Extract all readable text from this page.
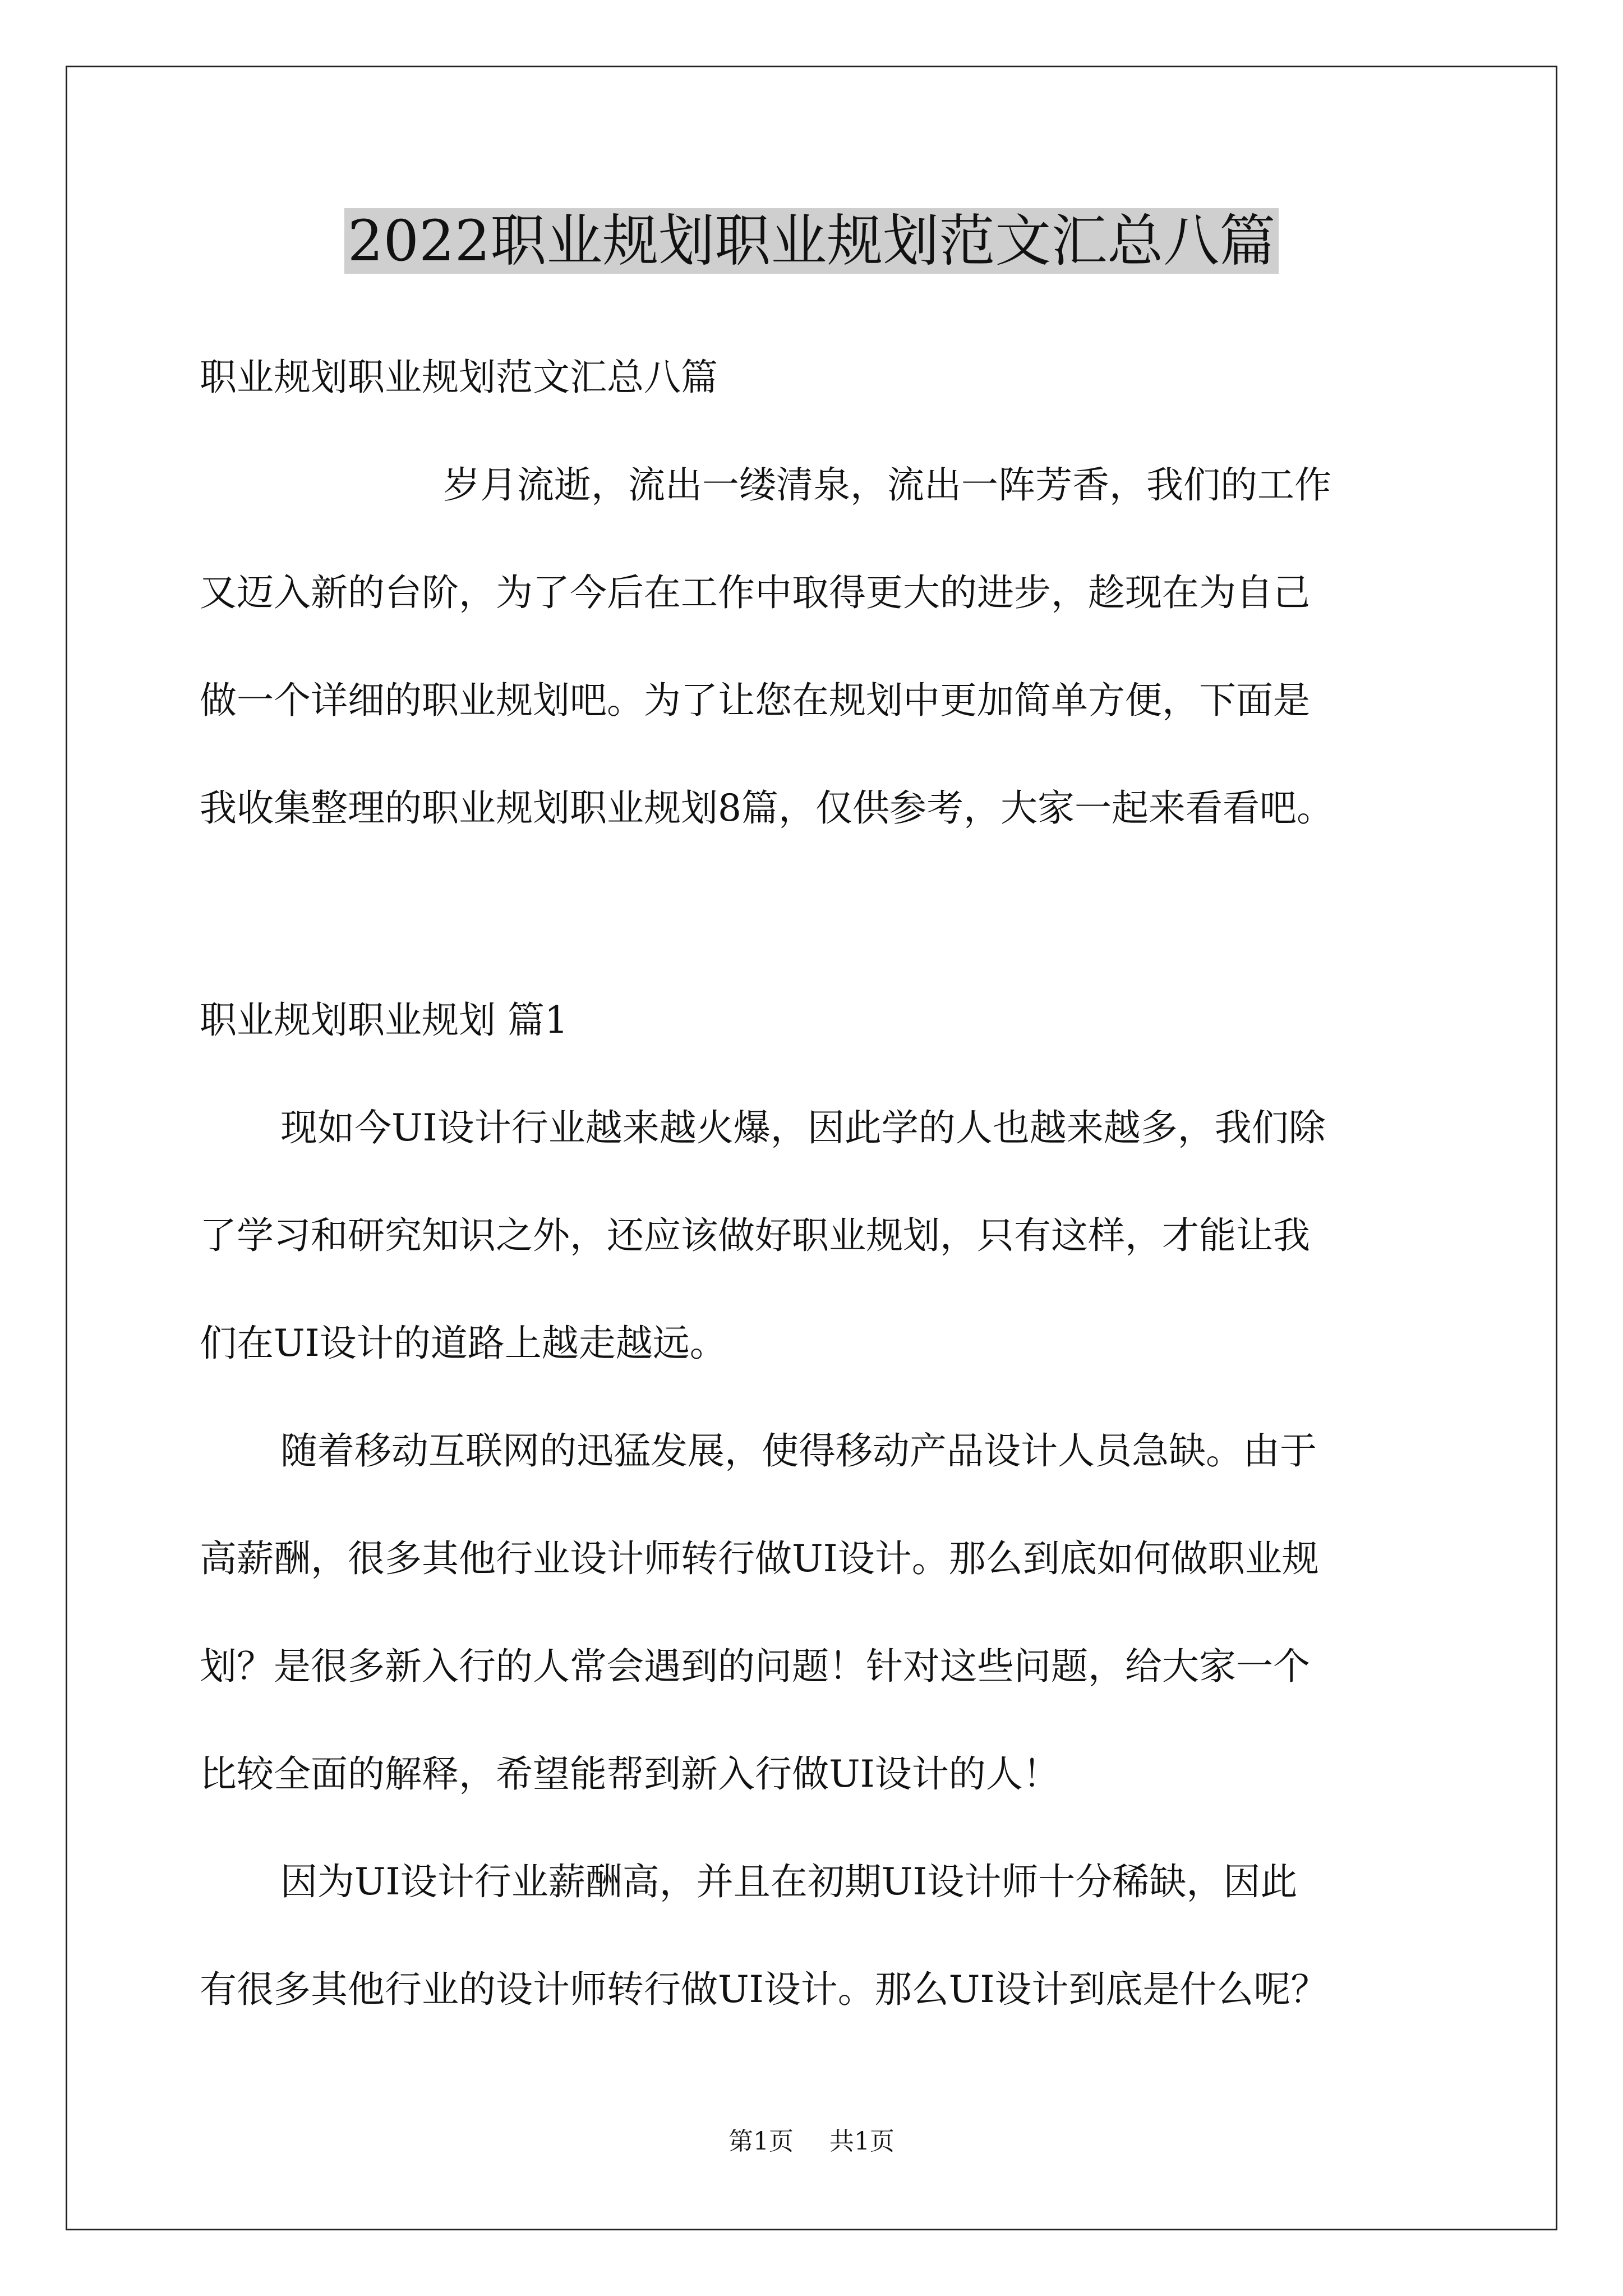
2022职业规划职业规划范文汇总八篇
职业规划职业规划范文汇总八篇
岁月流逝，流出一缕清泉，流出一阵芳香，我们的工作
又迈入新的台阶，为了今后在工作中取得更大的进步，趁现在为自己
做一个详细的职业规划吧。为了让您在规划中更加简单方便，下面是
我收集整理的职业规划职业规划8篇，仅供参考，大家一起来看看吧。
职业规划职业规划 篇1
现如今UI设计行业越来越火爆，因此学的人也越来越多，我们除
了学习和研究知识之外，还应该做好职业规划，只有这样，才能让我
们在UI设计的道路上越走越远。
随着移动互联网的迅猛发展，使得移动产品设计人员急缺。由于
高薪酬，很多其他行业设计师转行做UI设计。那么到底如何做职业规
划？是很多新入行的人常会遇到的问题！针对这些问题，给大家一个
比较全面的解释，希望能帮到新入行做UI设计的人！
因为UI设计行业薪酬高，并且在初期UI设计师十分稀缺，因此
有很多其他行业的设计师转行做UI设计。那么UI设计到底是什么呢？
第1页 共1页
